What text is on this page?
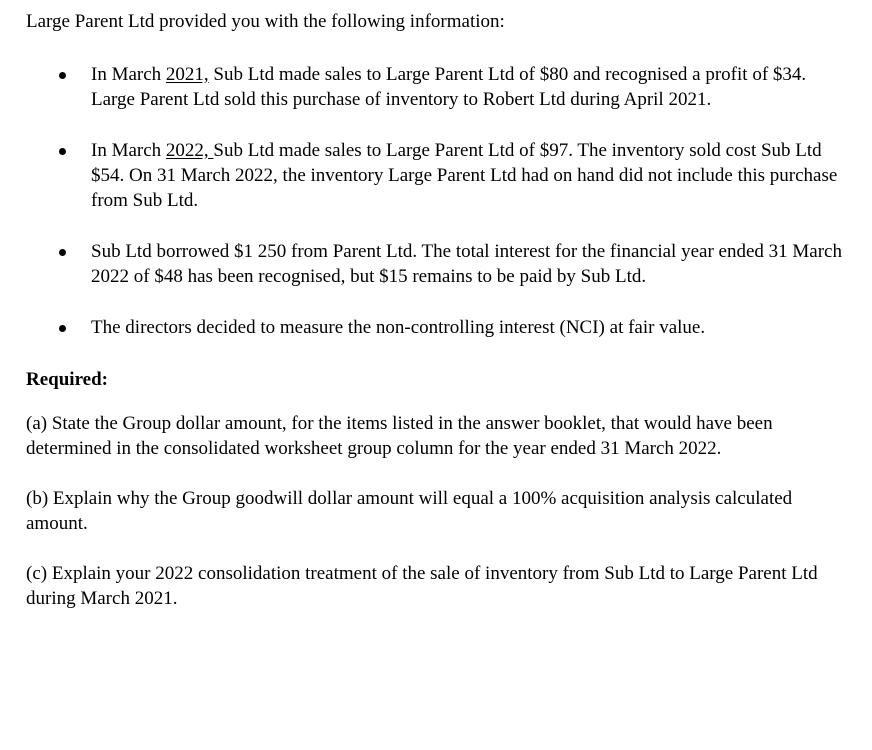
Large Parent Ltd provided you with the following information:

In March 2021, Sub Ltd made sales to Large Parent Ltd of $80 and recognised a profit of $34. Large Parent Ltd sold this purchase of inventory to Robert Ltd during April 2021.
In March 2022, Sub Ltd made sales to Large Parent Ltd of $97. The inventory sold cost Sub Ltd $54. On 31 March 2022, the inventory Large Parent Ltd had on hand did not include this purchase from Sub Ltd.
Sub Ltd borrowed $1 250 from Parent Ltd. The total interest for the financial year ended 31 March 2022 of $48 has been recognised, but $15 remains to be paid by Sub Ltd.
The directors decided to measure the non-controlling interest (NCI) at fair value.

Required:

(a) State the Group dollar amount, for the items listed in the answer booklet, that would have been determined in the consolidated worksheet group column for the year ended 31 March 2022.

(b) Explain why the Group goodwill dollar amount will equal a 100% acquisition analysis calculated amount.

(c) Explain your 2022 consolidation treatment of the sale of inventory from Sub Ltd to Large Parent Ltd during March 2021.
